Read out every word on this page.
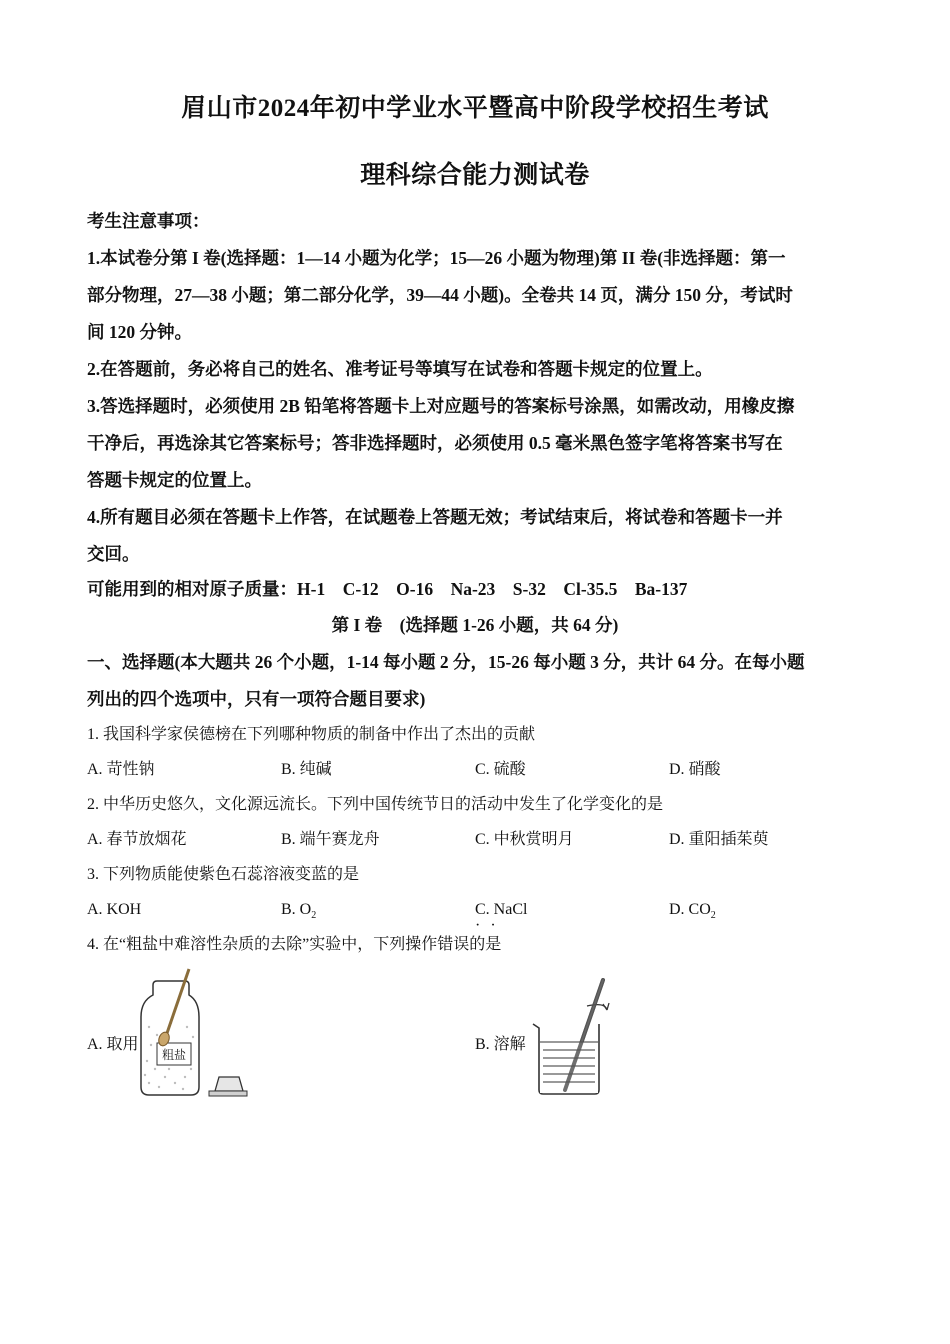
眉山市2024年初中学业水平暨高中阶段学校招生考试
理科综合能力测试卷
考生注意事项：
1.本试卷分第 I 卷(选择题：1—14 小题为化学；15—26 小题为物理)第 II 卷(非选择题：第一
部分物理，27—38 小题；第二部分化学，39—44 小题)。全卷共 14 页，满分 150 分，考试时
间 120 分钟。
2.在答题前，务必将自己的姓名、准考证号等填写在试卷和答题卡规定的位置上。
3.答选择题时，必须使用 2B 铅笔将答题卡上对应题号的答案标号涂黑，如需改动，用橡皮擦
干净后，再选涂其它答案标号；答非选择题时，必须使用 0.5 毫米黑色签字笔将答案书写在
答题卡规定的位置上。
4.所有题目必须在答题卡上作答，在试题卷上答题无效；考试结束后，将试卷和答题卡一并
交回。
可能用到的相对原子质量：H-1    C-12    O-16    Na-23    S-32    Cl-35.5    Ba-137
第 I 卷    (选择题 1-26 小题，共 64 分)
一、选择题(本大题共 26 个小题，1-14 每小题 2 分，15-26 每小题 3 分，共计 64 分。在每小题
列出的四个选项中，只有一项符合题目要求)
1. 我国科学家侯德榜在下列哪种物质的制备中作出了杰出的贡献
A. 苛性钠	B. 纯碱	C. 硫酸	D. 硝酸
2. 中华历史悠久，文化源远流长。下列中国传统节日的活动中发生了化学变化的是
A. 春节放烟花	B. 端午赛龙舟	C. 中秋赏明月	D. 重阳插茱萸
3. 下列物质能使紫色石蕊溶液变蓝的是
A. KOH	B. $O_2$	C. NaCl	D. $CO_2$
··
4. 在“粗盐中难溶性杂质的去除”实验中，下列操作错误的是
A. 取用	B. 溶解
粗盐
